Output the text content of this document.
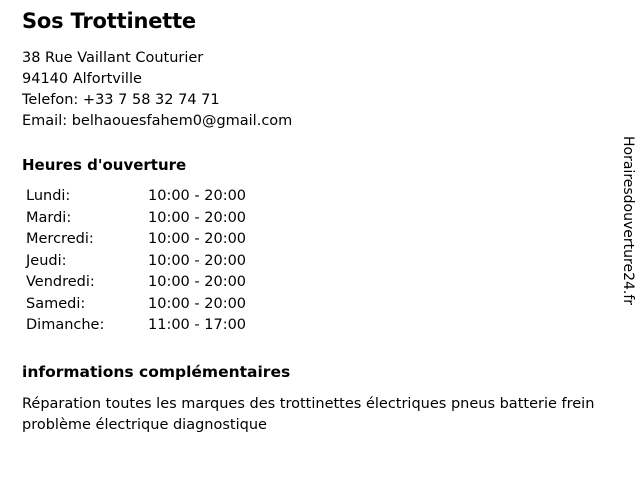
Sos Trottinette

38 Rue Vaillant Couturier

94140 Alfortville

Telefon: +33 7 58 32 74 71

Email: belhaouesfahem0@gmail.com

Heures d'ouverture
Lundi:	10:00 - 20:00
Mardi:	10:00 - 20:00
Mercredi:	10:00 - 20:00
Jeudi:	10:00 - 20:00
Vendredi:	10:00 - 20:00
Samedi:	10:00 - 20:00
Dimanche:	11:00 - 17:00
informations complémentaires

Réparation toutes les marques des trottinettes électriques pneus batterie frein problème électrique diagnostique

Horairesdouverture24.fr
